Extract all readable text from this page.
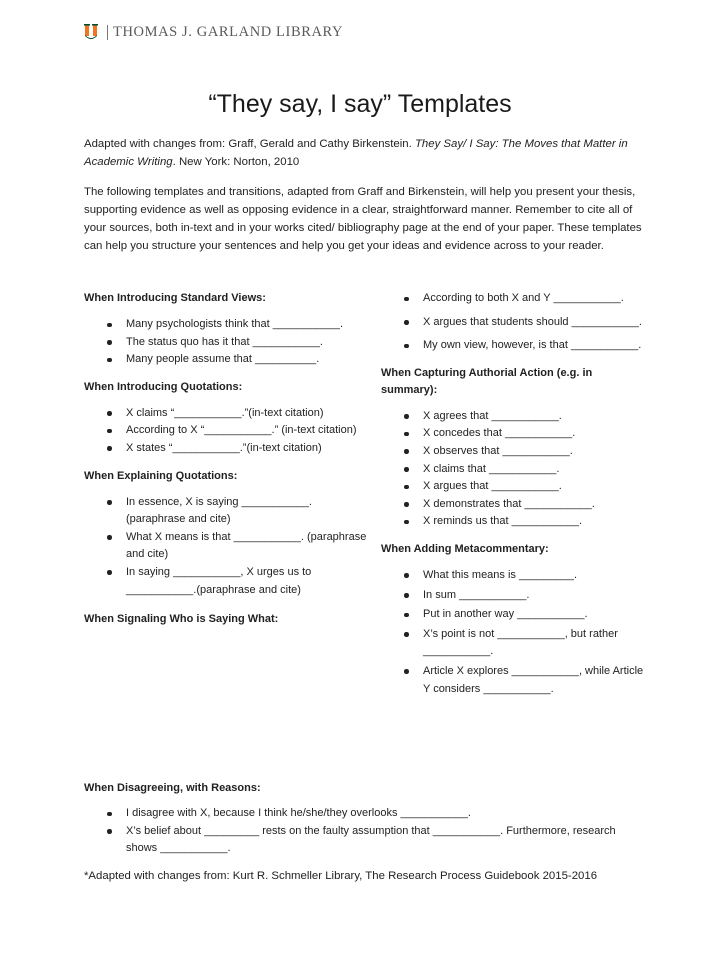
THOMAS J. GARLAND LIBRARY
“They say, I say” Templates

Adapted with changes from: Graff, Gerald and Cathy Birkenstein. They Say/ I Say: The Moves that Matter in Academic Writing. New York: Norton, 2010

The following templates and transitions, adapted from Graff and Birkenstein, will help you present your thesis, supporting evidence as well as opposing evidence in a clear, straightforward manner. Remember to cite all of your sources, both in-text and in your works cited/ bibliography page at the end of your paper. These templates can help you structure your sentences and help you get your ideas and evidence across to your reader.

When Introducing Standard Views:
Many psychologists think that ___________.
The status quo has it that ___________.
Many people assume that __________.
When Introducing Quotations:
X claims “___________.”(in-text citation)
According to X “___________.” (in-text citation)
X states “___________.”(in-text citation)
When Explaining Quotations:
In essence, X is saying ___________. (paraphrase and cite)
What X means is that ___________. (paraphrase and cite)
In saying ___________, X urges us to ___________.(paraphrase and cite)
When Signaling Who is Saying What:
According to both X and Y ___________.
X argues that students should ___________.
My own view, however, is that ___________.
When Capturing Authorial Action (e.g. in summary):
X agrees that ___________.
X concedes that ___________.
X observes that ___________.
X claims that ___________.
X argues that ___________.
X demonstrates that ___________.
X reminds us that ___________.
When Adding Metacommentary:
What this means is _________.
In sum ___________.
Put in another way ___________.
X’s point is not ___________, but rather ___________.
Article X explores ___________, while Article Y considers ___________.
When Disagreeing, with Reasons:
I disagree with X, because I think he/she/they overlooks ___________.
X’s belief about _________ rests on the faulty assumption that ___________. Furthermore, research shows ___________.

*Adapted with changes from: Kurt R. Schmeller Library, The Research Process Guidebook 2015-2016
